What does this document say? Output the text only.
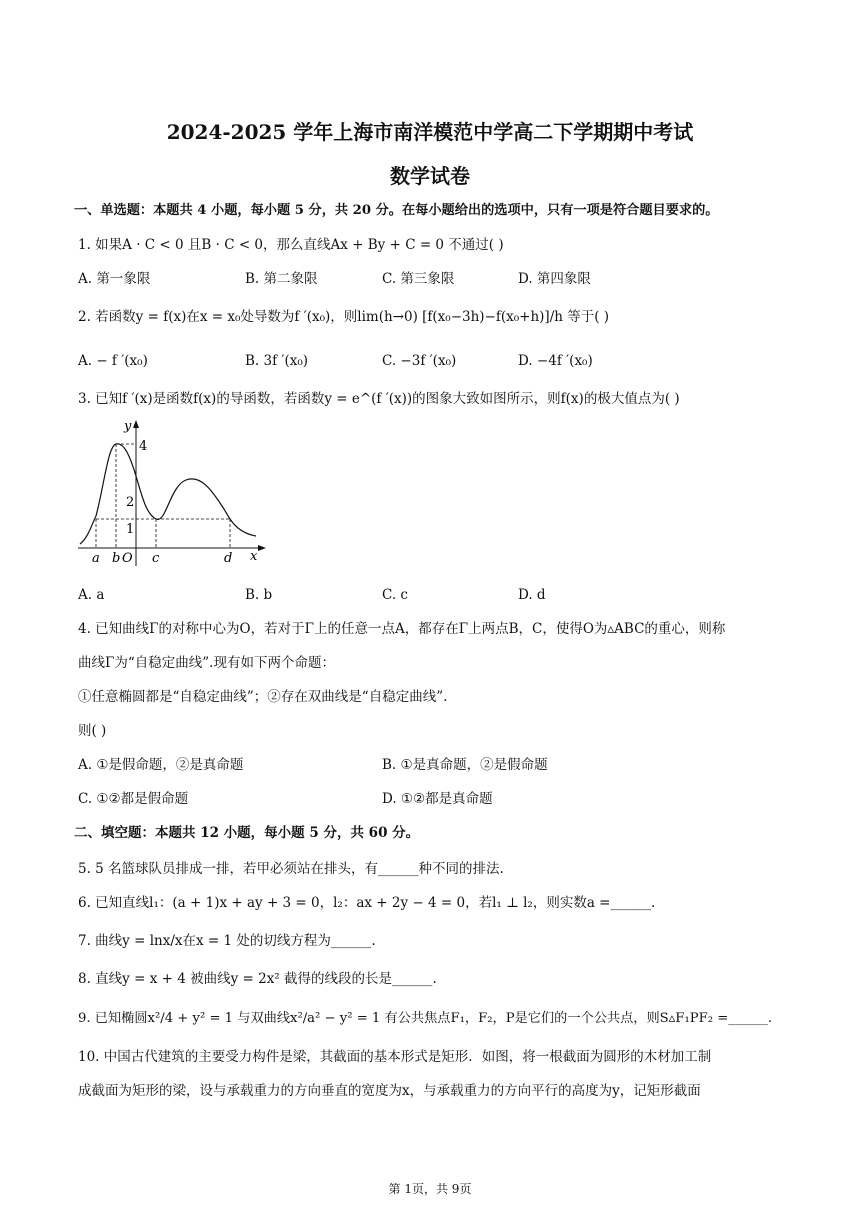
2024-2025 学年上海市南洋模范中学高二下学期期中考试
数学试卷
一、单选题：本题共 4 小题，每小题 5 分，共 20 分。在每小题给出的选项中，只有一项是符合题目要求的。
1. 如果A · C < 0 且B · C < 0，那么直线Ax + By + C = 0 不通过( )
A. 第一象限	B. 第二象限	C. 第三象限	D. 第四象限
2. 若函数y = f(x)在x = x₀处导数为f ′(x₀)，则lim(h→0) [f(x₀−3h)−f(x₀+h)]/h 等于( )
A. − f ′(x₀)	B. 3f ′(x₀)	C. −3f ′(x₀)	D. −4f ′(x₀)
3. 已知f ′(x)是函数f(x)的导函数，若函数y = e^(f ′(x))的图象大致如图所示，则f(x)的极大值点为( )
y
x
4
2
1
a b O c	d
A. a	B. b	C. c	D. d
4. 已知曲线Γ的对称中心为O，若对于Γ上的任意一点A，都存在Γ上两点B，C，使得O为▵ABC的重心，则称
曲线Γ为“自稳定曲线”.现有如下两个命题：
①任意椭圆都是“自稳定曲线”；②存在双曲线是“自稳定曲线”.
则( )
A. ①是假命题，②是真命题	B. ①是真命题，②是假命题
C. ①②都是假命题	D. ①②都是真命题
二、填空题：本题共 12 小题，每小题 5 分，共 60 分。
5. 5 名篮球队员排成一排，若甲必须站在排头，有______种不同的排法.
6. 已知直线l₁：(a + 1)x + ay + 3 = 0，l₂：ax + 2y − 4 = 0，若l₁ ⊥ l₂，则实数a =______.
7. 曲线y = lnx/x在x = 1 处的切线方程为______.
8. 直线y = x + 4 被曲线y = 2x² 截得的线段的长是______.
9. 已知椭圆x²/4 + y² = 1 与双曲线x²/a² − y² = 1 有公共焦点F₁，F₂，P是它们的一个公共点，则S▵F₁PF₂ =______.
10. 中国古代建筑的主要受力构件是梁，其截面的基本形式是矩形．如图，将一根截面为圆形的木材加工制
成截面为矩形的梁，设与承载重力的方向垂直的宽度为x，与承载重力的方向平行的高度为y，记矩形截面
第 1页，共 9页
